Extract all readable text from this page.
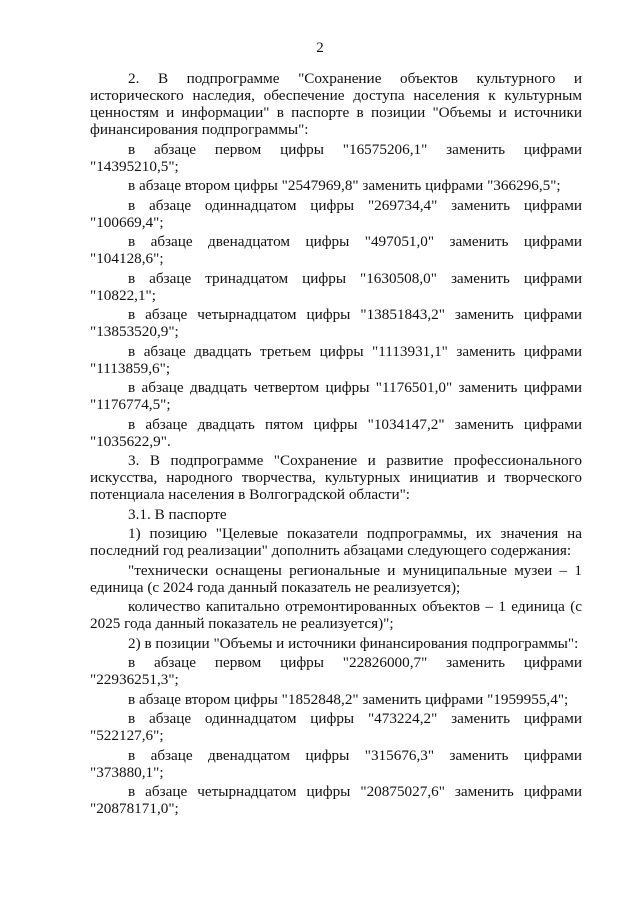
2

2. В подпрограмме "Сохранение объектов культурного и исторического наследия, обеспечение доступа населения к культурным ценностям и информации" в паспорте в позиции "Объемы и источники финансирования подпрограммы":

в абзаце первом цифры "16575206,1" заменить цифрами "14395210,5";

в абзаце втором цифры "2547969,8" заменить цифрами "366296,5";

в абзаце одиннадцатом цифры "269734,4" заменить цифрами "100669,4";

в абзаце двенадцатом цифры "497051,0" заменить цифрами "104128,6";

в абзаце тринадцатом цифры "1630508,0" заменить цифрами "10822,1";

в абзаце четырнадцатом цифры "13851843,2" заменить цифрами "13853520,9";

в абзаце двадцать третьем цифры "1113931,1" заменить цифрами "1113859,6";

в абзаце двадцать четвертом цифры "1176501,0" заменить цифрами "1176774,5";

в абзаце двадцать пятом цифры "1034147,2" заменить цифрами "1035622,9".

3. В подпрограмме "Сохранение и развитие профессионального искусства, народного творчества, культурных инициатив и творческого потенциала населения в Волгоградской области":

3.1. В паспорте

1) позицию "Целевые показатели подпрограммы, их значения на последний год реализации" дополнить абзацами следующего содержания:

"технически оснащены региональные и муниципальные музеи – 1 единица (с 2024 года данный показатель не реализуется);

количество капитально отремонтированных объектов – 1 единица (с 2025 года данный показатель не реализуется)";

2) в позиции "Объемы и источники финансирования подпрограммы":

в абзаце первом цифры "22826000,7" заменить цифрами "22936251,3";

в абзаце втором цифры "1852848,2" заменить цифрами "1959955,4";

в абзаце одиннадцатом цифры "473224,2" заменить цифрами "522127,6";

в абзаце двенадцатом цифры "315676,3" заменить цифрами "373880,1";

в абзаце четырнадцатом цифры "20875027,6" заменить цифрами "20878171,0";
